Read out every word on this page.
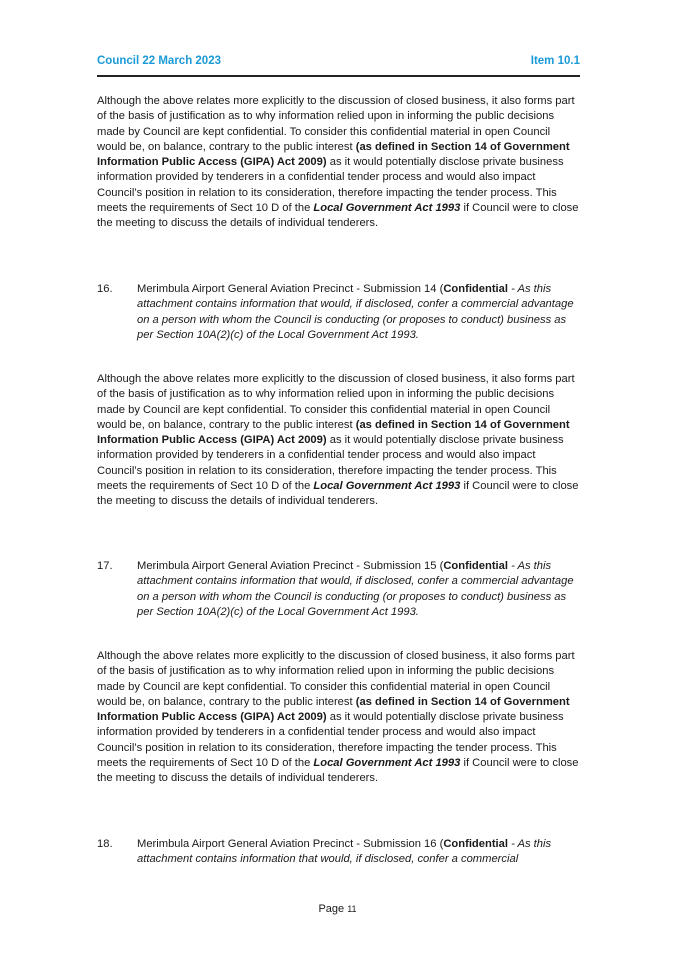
Council 22 March 2023	Item 10.1

Although the above relates more explicitly to the discussion of closed business, it also forms part of the basis of justification as to why information relied upon in informing the public decisions made by Council are kept confidential. To consider this confidential material in open Council would be, on balance, contrary to the public interest (as defined in Section 14 of Government Information Public Access (GIPA) Act 2009) as it would potentially disclose private business information provided by tenderers in a confidential tender process and would also impact Council’s position in relation to its consideration, therefore impacting the tender process. This meets the requirements of Sect 10 D of the Local Government Act 1993 if Council were to close the meeting to discuss the details of individual tenderers.

16. Merimbula Airport General Aviation Precinct - Submission 14 (Confidential - As this attachment contains information that would, if disclosed, confer a commercial advantage on a person with whom the Council is conducting (or proposes to conduct) business as per Section 10A(2)(c) of the Local Government Act 1993.

Although the above relates more explicitly to the discussion of closed business, it also forms part of the basis of justification as to why information relied upon in informing the public decisions made by Council are kept confidential. To consider this confidential material in open Council would be, on balance, contrary to the public interest (as defined in Section 14 of Government Information Public Access (GIPA) Act 2009) as it would potentially disclose private business information provided by tenderers in a confidential tender process and would also impact Council’s position in relation to its consideration, therefore impacting the tender process. This meets the requirements of Sect 10 D of the Local Government Act 1993 if Council were to close the meeting to discuss the details of individual tenderers.

17. Merimbula Airport General Aviation Precinct - Submission 15 (Confidential - As this attachment contains information that would, if disclosed, confer a commercial advantage on a person with whom the Council is conducting (or proposes to conduct) business as per Section 10A(2)(c) of the Local Government Act 1993.

Although the above relates more explicitly to the discussion of closed business, it also forms part of the basis of justification as to why information relied upon in informing the public decisions made by Council are kept confidential. To consider this confidential material in open Council would be, on balance, contrary to the public interest (as defined in Section 14 of Government Information Public Access (GIPA) Act 2009) as it would potentially disclose private business information provided by tenderers in a confidential tender process and would also impact Council’s position in relation to its consideration, therefore impacting the tender process. This meets the requirements of Sect 10 D of the Local Government Act 1993 if Council were to close the meeting to discuss the details of individual tenderers.

18. Merimbula Airport General Aviation Precinct - Submission 16 (Confidential - As this attachment contains information that would, if disclosed, confer a commercial
Page 11
